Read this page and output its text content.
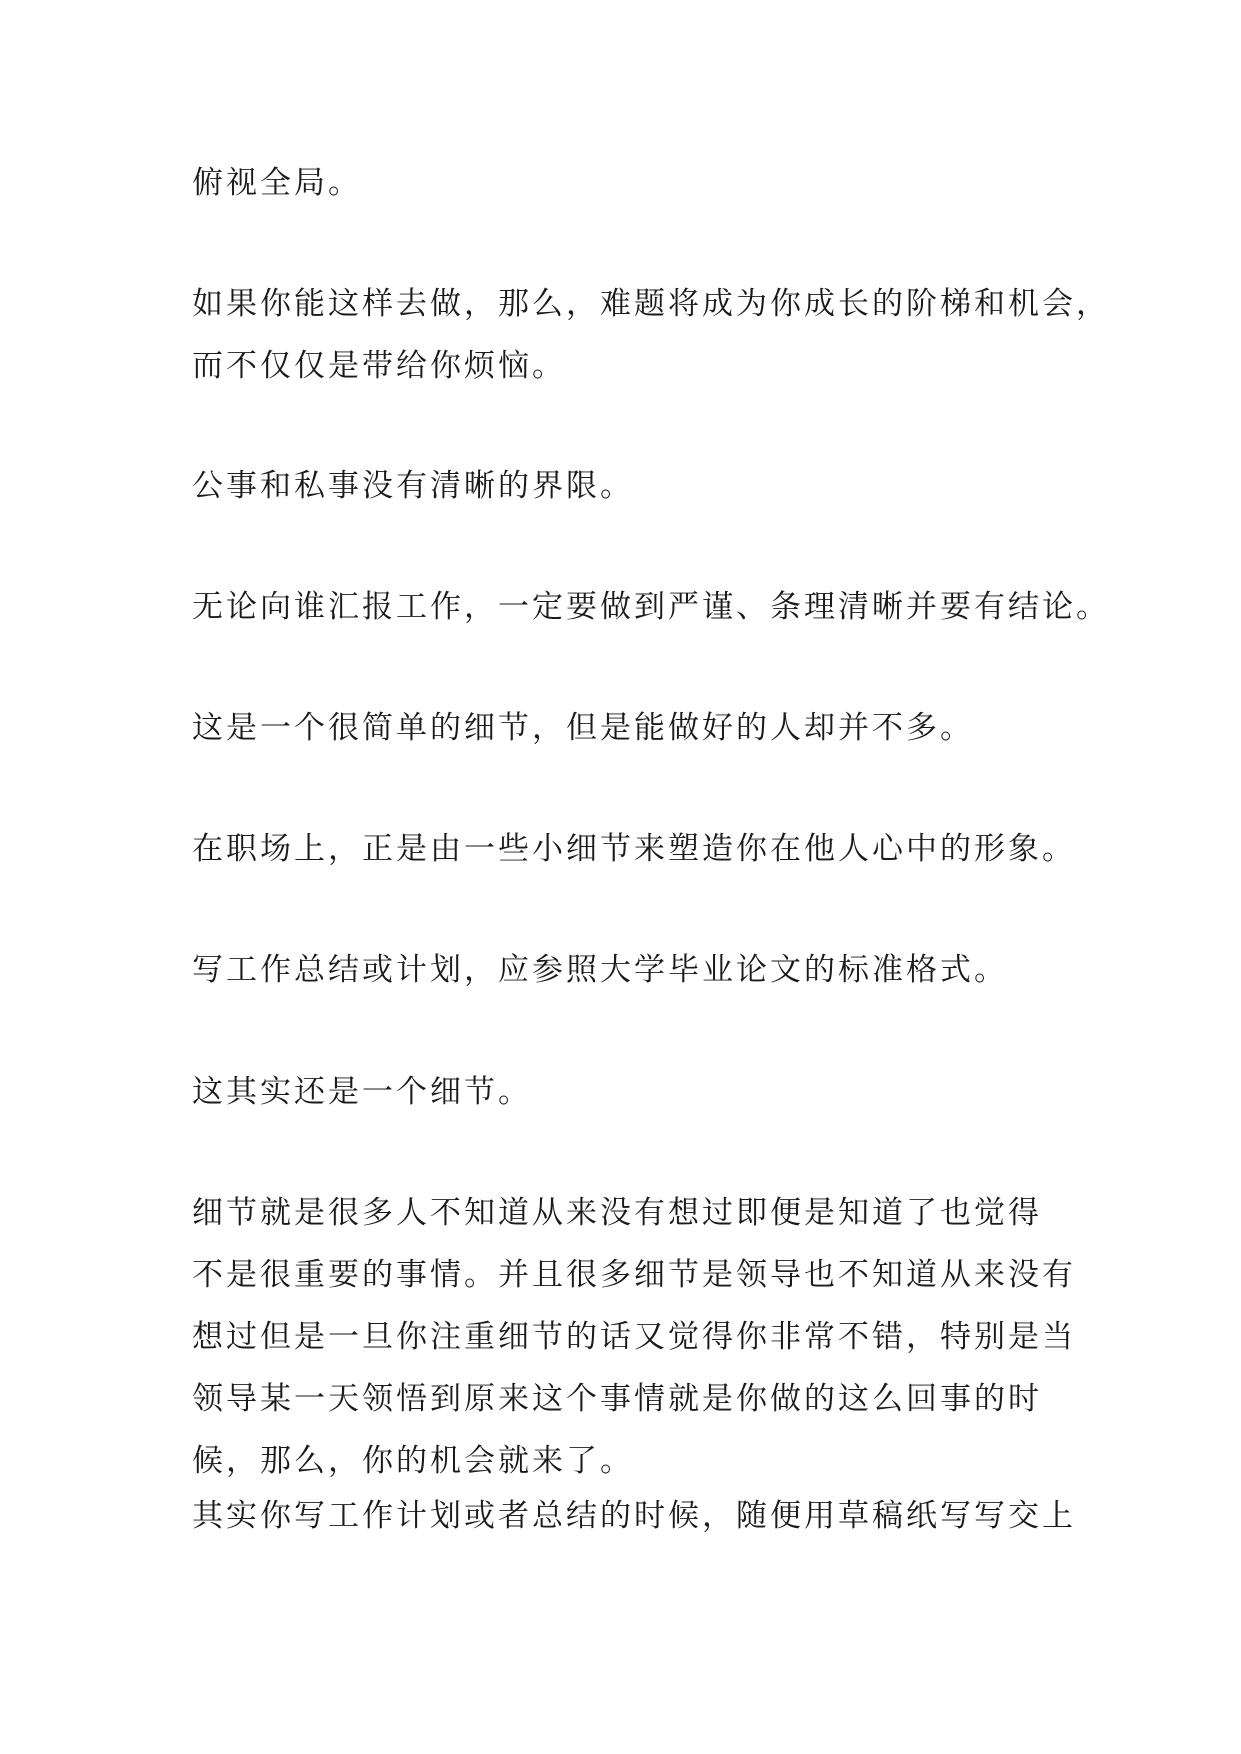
俯视全局。

如果你能这样去做，那么，难题将成为你成长的阶梯和机会，
而不仅仅是带给你烦恼。

公事和私事没有清晰的界限。

无论向谁汇报工作，一定要做到严谨、条理清晰并要有结论。

这是一个很简单的细节，但是能做好的人却并不多。

在职场上，正是由一些小细节来塑造你在他人心中的形象。

写工作总结或计划，应参照大学毕业论文的标准格式。

这其实还是一个细节。

细节就是很多人不知道从来没有想过即便是知道了也觉得
不是很重要的事情。并且很多细节是领导也不知道从来没有
想过但是一旦你注重细节的话又觉得你非常不错，特别是当
领导某一天领悟到原来这个事情就是你做的这么回事的时
候，那么，你的机会就来了。

其实你写工作计划或者总结的时候，随便用草稿纸写写交上
